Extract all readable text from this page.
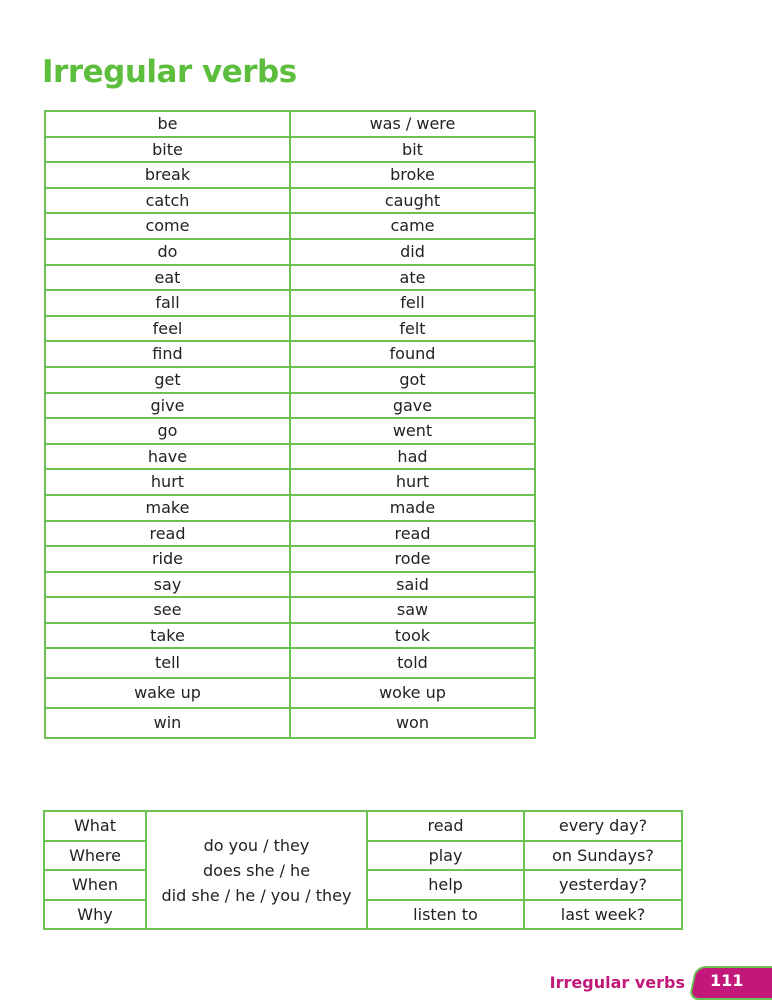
Irregular verbs
be	was / were
bite	bit
break	broke
catch	caught
come	came
do	did
eat	ate
fall	fell
feel	felt
find	found
get	got
give	gave
go	went
have	had
hurt	hurt
make	made
read	read
ride	rode
say	said
see	saw
take	took
tell	told
wake up	woke up
win	won
What	do you / they
does she / he
did she / he / you / they	read	every day?
Where		play	on Sundays?
When		help	yesterday?
Why		listen to	last week?
Irregular verbs 111
